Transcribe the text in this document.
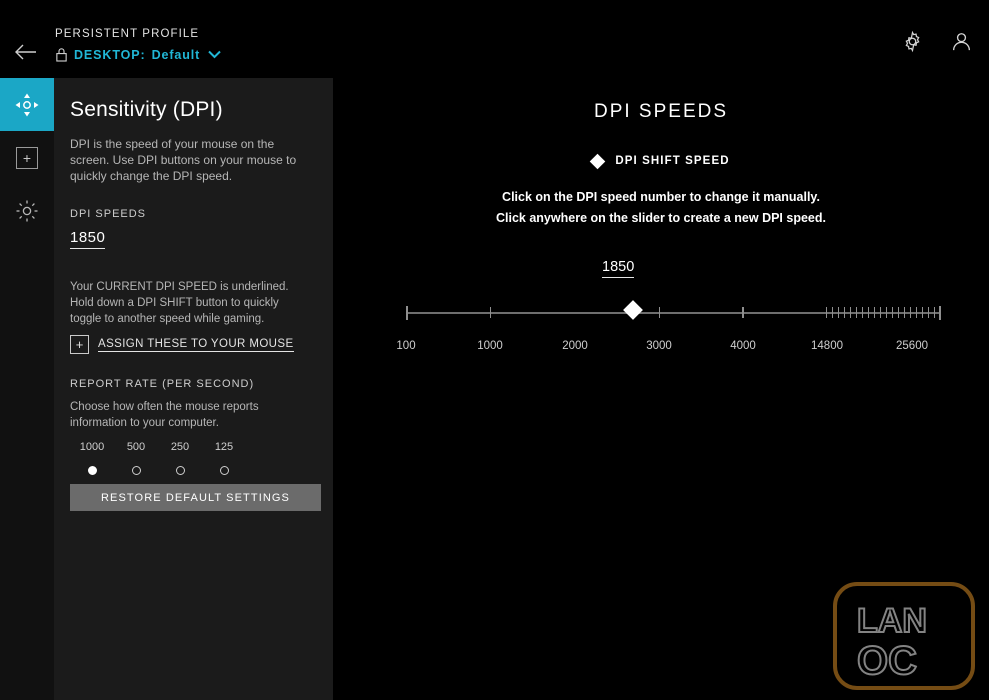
PERSISTENT PROFILE
DESKTOP: Default
+
Sensitivity (DPI)
DPI is the speed of your mouse on the screen. Use DPI buttons on your mouse to quickly change the DPI speed.
DPI SPEEDS
1850
Your CURRENT DPI SPEED is underlined. Hold down a DPI SHIFT button to quickly toggle to another speed while gaming.
+	ASSIGN THESE TO YOUR MOUSE
REPORT RATE (PER SECOND)
Choose how often the mouse reports information to your computer.
1000	500	250	125
RESTORE DEFAULT SETTINGS
DPI SPEEDS
DPI SHIFT SPEED
Click on the DPI speed number to change it manually.
Click anywhere on the slider to create a new DPI speed.
1850
100	1000	2000	3000	4000	14800	25600
LAN
OC
